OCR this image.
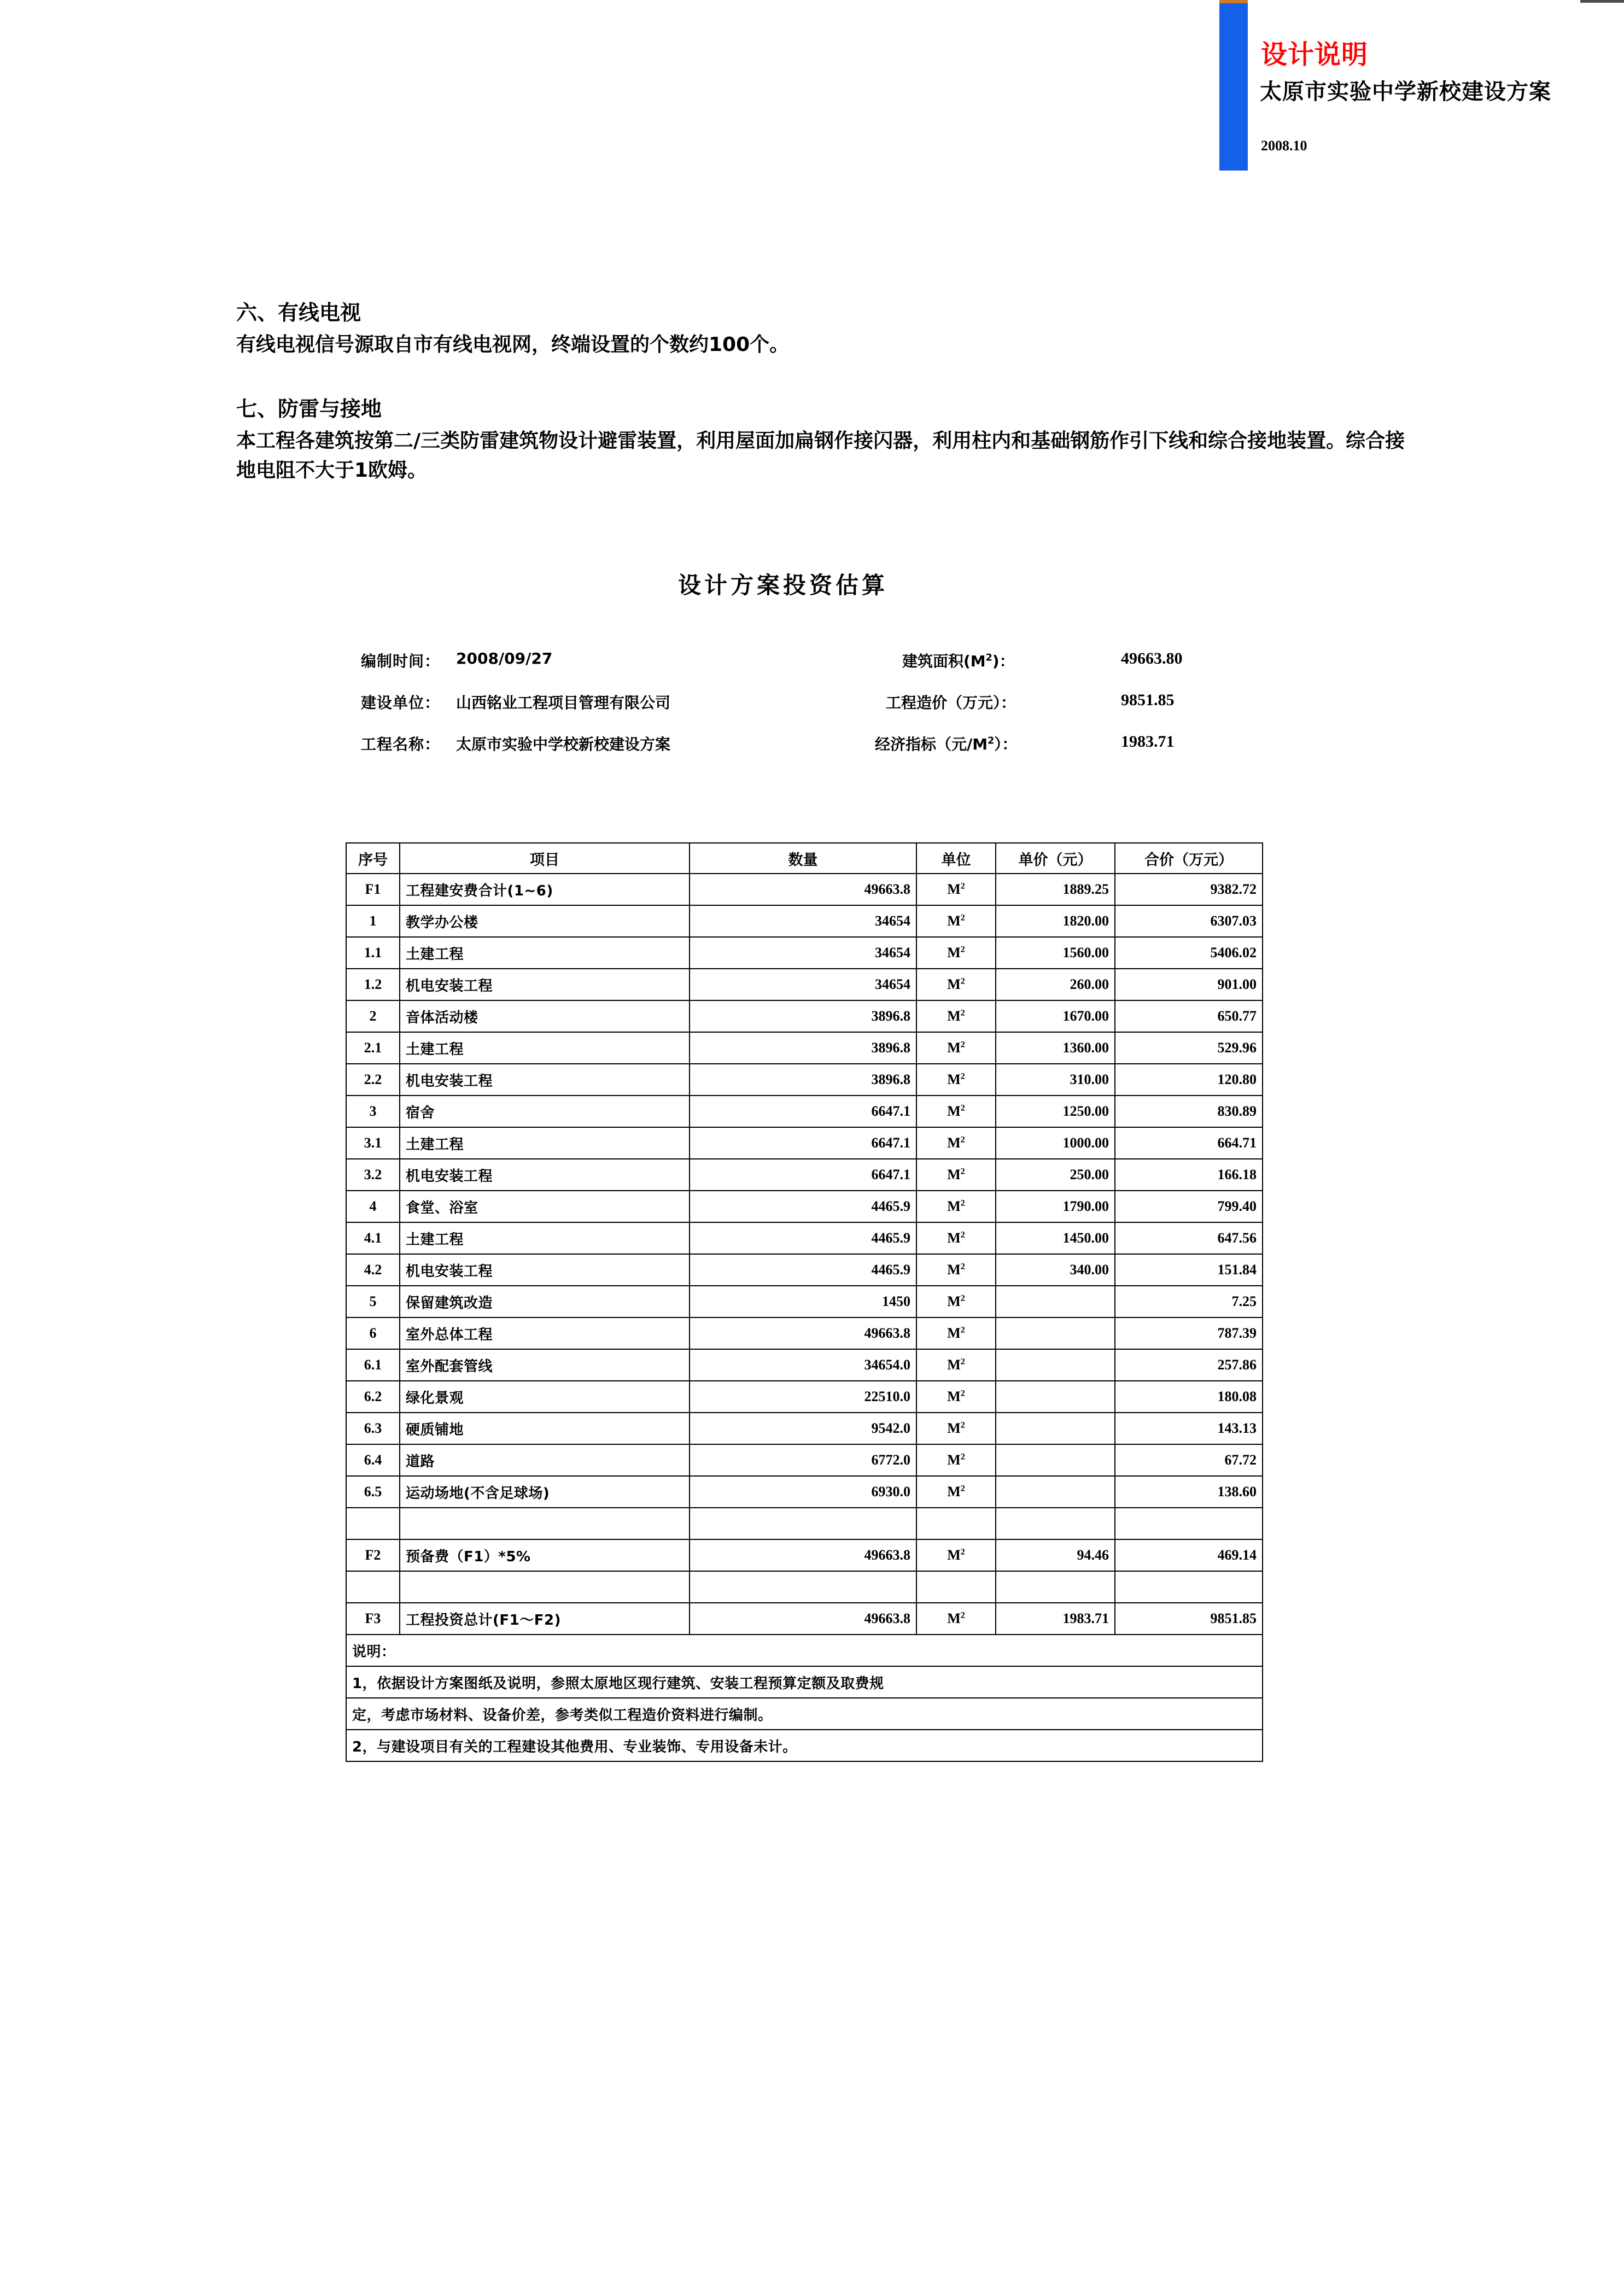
设计说明
太原市实验中学新校建设方案
2008.10
六、有线电视
有线电视信号源取自市有线电视网，终端设置的个数约100个。
七、防雷与接地
本工程各建筑按第二/三类防雷建筑物设计避雷装置，利用屋面加扁钢作接闪器，利用柱内和基础钢筋作引下线和综合接地装置。综合接地电阻不大于1欧姆。
设计方案投资估算
编制时间： 2008/09/27	建筑面积$(M^2)$：	49663.80
建设单位： 山西铭业工程项目管理有限公司	工程造价（万元）：	9851.85
工程名称： 太原市实验中学校新校建设方案	经济指标（元$/M^2$）：	1983.71
序号	项目	数量	单位	单价（元）	合价（万元）
F1	工程建安费合计(1~6)	49663.8	$M^2$	1889.25	9382.72
1	教学办公楼	34654	$M^2$	1820.00	6307.03
1.1	土建工程	34654	$M^2$	1560.00	5406.02
1.2	机电安装工程	34654	$M^2$	260.00	901.00
2	音体活动楼	3896.8	$M^2$	1670.00	650.77
2.1	土建工程	3896.8	$M^2$	1360.00	529.96
2.2	机电安装工程	3896.8	$M^2$	310.00	120.80
3	宿舍	6647.1	$M^2$	1250.00	830.89
3.1	土建工程	6647.1	$M^2$	1000.00	664.71
3.2	机电安装工程	6647.1	$M^2$	250.00	166.18
4	食堂、浴室	4465.9	$M^2$	1790.00	799.40
4.1	土建工程	4465.9	$M^2$	1450.00	647.56
4.2	机电安装工程	4465.9	$M^2$	340.00	151.84
5	保留建筑改造	1450	$M^2$		7.25
6	室外总体工程	49663.8	$M^2$		787.39
6.1	室外配套管线	34654.0	$M^2$		257.86
6.2	绿化景观	22510.0	$M^2$		180.08
6.3	硬质铺地	9542.0	$M^2$		143.13
6.4	道路	6772.0	$M^2$		67.72
6.5	运动场地(不含足球场)	6930.0	$M^2$		138.60

F2	预备费（F1）*5%	49663.8	$M^2$	94.46	469.14

F3	工程投资总计(F1～F2)	49663.8	$M^2$	1983.71	9851.85
说明：					
1，依据设计方案图纸及说明，参照太原地区现行建筑、安装工程预算定额及取费规					
定，考虑市场材料、设备价差，参考类似工程造价资料进行编制。					
2，与建设项目有关的工程建设其他费用、专业装饰、专用设备未计。					
